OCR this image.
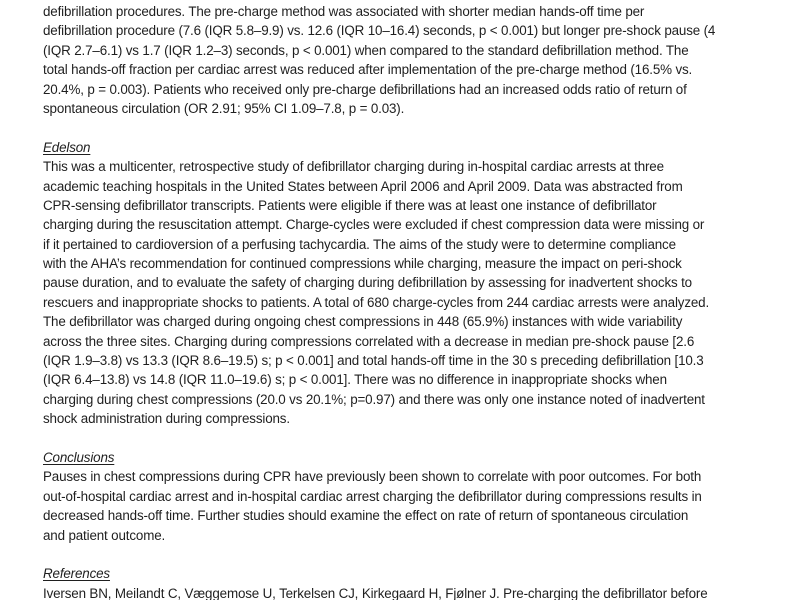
defibrillation procedures. The pre-charge method was associated with shorter median hands-off time per
defibrillation procedure (7.6 (IQR 5.8–9.9) vs. 12.6 (IQR 10–16.4) seconds, p < 0.001) but longer pre-shock pause (4
(IQR 2.7–6.1) vs 1.7 (IQR 1.2–3) seconds, p < 0.001) when compared to the standard defibrillation method. The
total hands-off fraction per cardiac arrest was reduced after implementation of the pre-charge method (16.5% vs.
20.4%, p = 0.003). Patients who received only pre-charge defibrillations had an increased odds ratio of return of
spontaneous circulation (OR 2.91; 95% CI 1.09–7.8, p = 0.03).
Edelson
This was a multicenter, retrospective study of defibrillator charging during in-hospital cardiac arrests at three
academic teaching hospitals in the United States between April 2006 and April 2009. Data was abstracted from
CPR-sensing defibrillator transcripts. Patients were eligible if there was at least one instance of defibrillator
charging during the resuscitation attempt. Charge-cycles were excluded if chest compression data were missing or
if it pertained to cardioversion of a perfusing tachycardia. The aims of the study were to determine compliance
with the AHA’s recommendation for continued compressions while charging, measure the impact on peri-shock
pause duration, and to evaluate the safety of charging during defibrillation by assessing for inadvertent shocks to
rescuers and inappropriate shocks to patients. A total of 680 charge-cycles from 244 cardiac arrests were analyzed.
The defibrillator was charged during ongoing chest compressions in 448 (65.9%) instances with wide variability
across the three sites. Charging during compressions correlated with a decrease in median pre-shock pause [2.6
(IQR 1.9–3.8) vs 13.3 (IQR 8.6–19.5) s; p < 0.001] and total hands-off time in the 30 s preceding defibrillation [10.3
(IQR 6.4–13.8) vs 14.8 (IQR 11.0–19.6) s; p < 0.001]. There was no difference in inappropriate shocks when
charging during chest compressions (20.0 vs 20.1%; p=0.97) and there was only one instance noted of inadvertent
shock administration during compressions.
Conclusions
Pauses in chest compressions during CPR have previously been shown to correlate with poor outcomes. For both
out-of-hospital cardiac arrest and in-hospital cardiac arrest charging the defibrillator during compressions results in
decreased hands-off time. Further studies should examine the effect on rate of return of spontaneous circulation
and patient outcome.
References
Iversen BN, Meilandt C, Væggemose U, Terkelsen CJ, Kirkegaard H, Fjølner J. Pre-charging the defibrillator before
